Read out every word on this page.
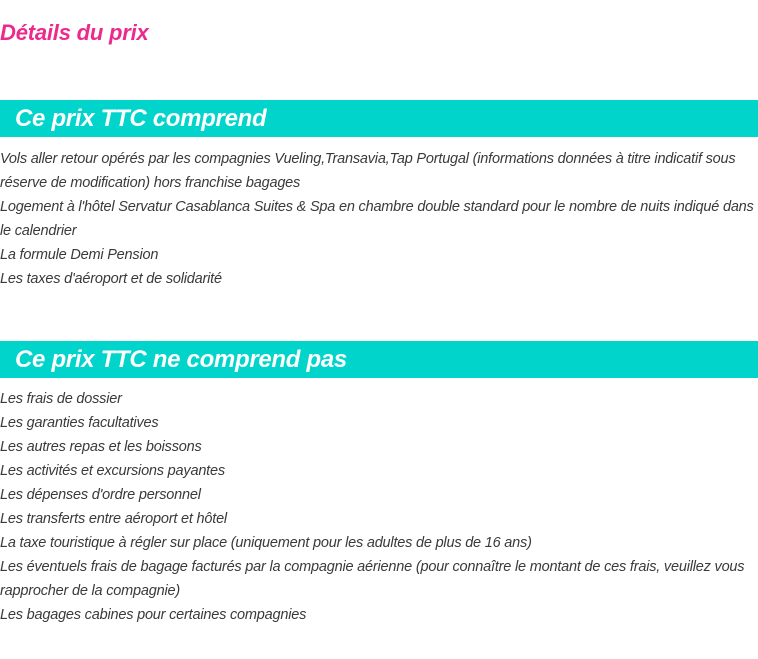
Détails du prix
Ce prix TTC comprend
Vols aller retour opérés par les compagnies Vueling,Transavia,Tap Portugal (informations données à titre indicatif sous réserve de modification) hors franchise bagages
Logement à l'hôtel Servatur Casablanca Suites & Spa en chambre double standard pour le nombre de nuits indiqué dans le calendrier
La formule Demi Pension
Les taxes d'aéroport et de solidarité
Ce prix TTC ne comprend pas
Les frais de dossier
Les garanties facultatives
Les autres repas et les boissons
Les activités et excursions payantes
Les dépenses d'ordre personnel
Les transferts entre aéroport et hôtel
La taxe touristique à régler sur place (uniquement pour les adultes de plus de 16 ans)
Les éventuels frais de bagage facturés par la compagnie aérienne (pour connaître le montant de ces frais, veuillez vous rapprocher de la compagnie)
Les bagages cabines pour certaines compagnies
